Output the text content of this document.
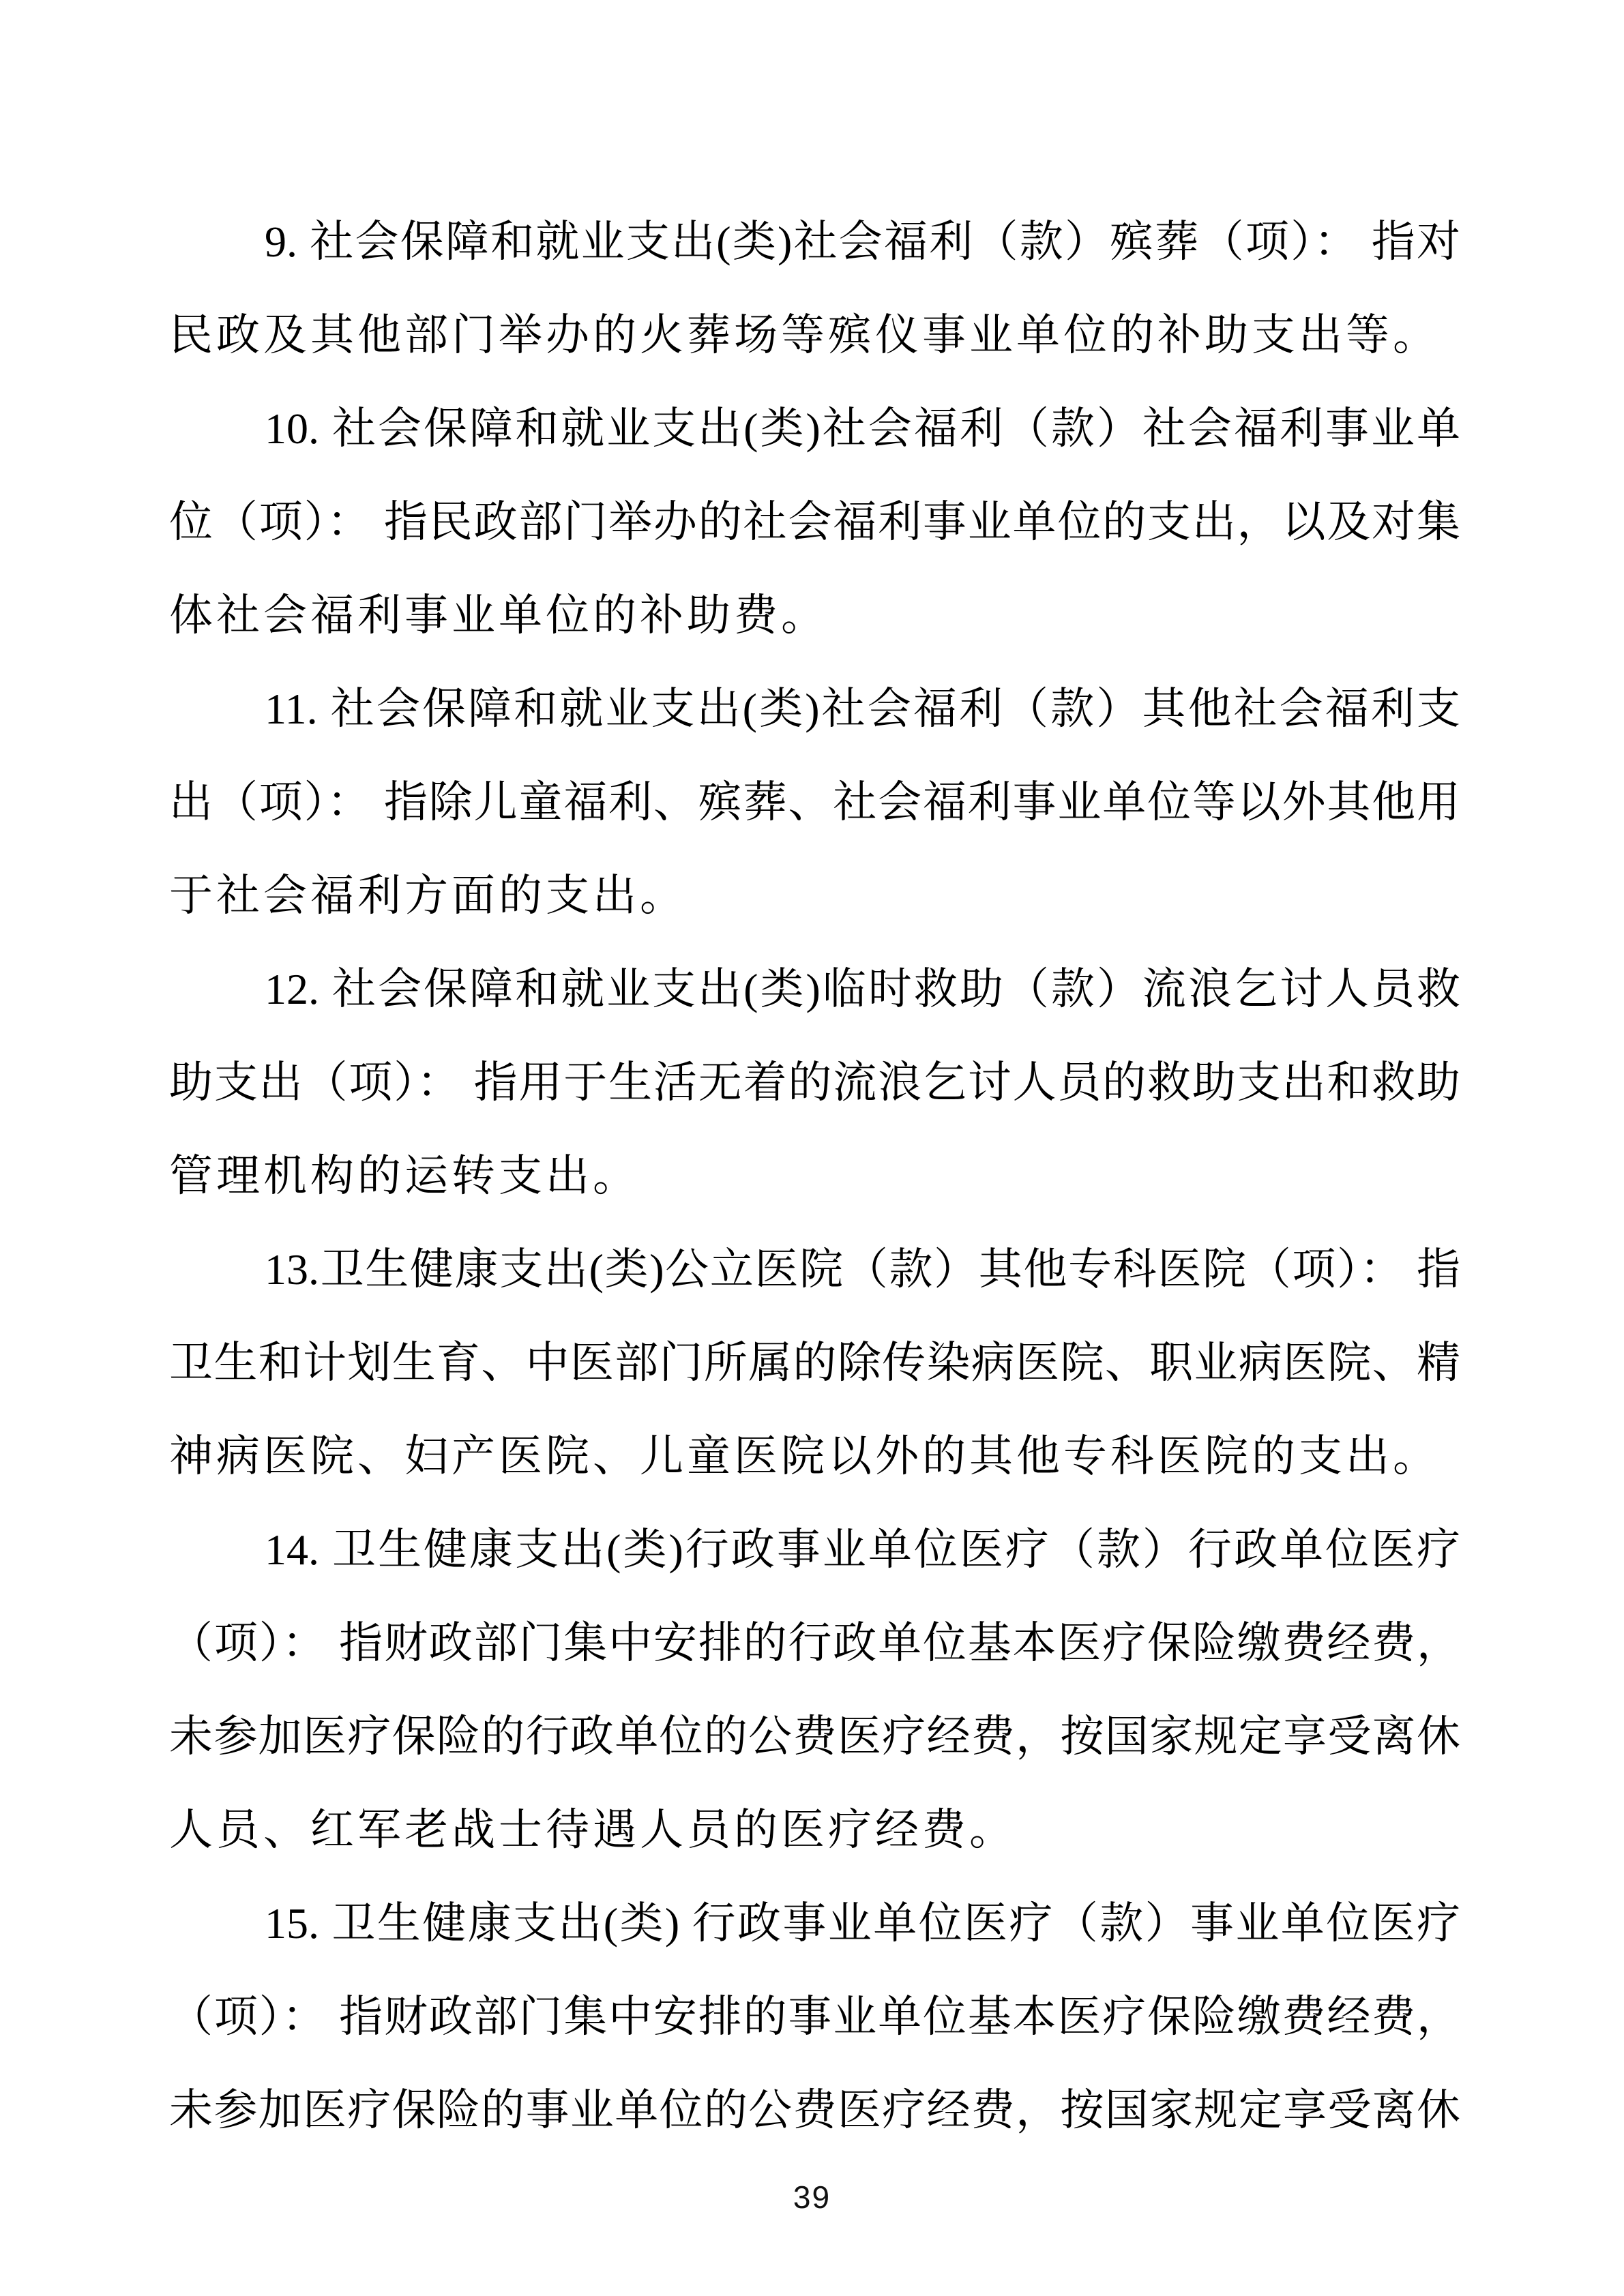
9. 社会保障和就业支出(类)社会福利（款）殡葬（项）： 指对
民政及其他部门举办的火葬场等殡仪事业单位的补助支出等。

10. 社会保障和就业支出(类)社会福利（款）社会福利事业单
位（项）： 指民政部门举办的社会福利事业单位的支出，以及对集
体社会福利事业单位的补助费。

11. 社会保障和就业支出(类)社会福利（款）其他社会福利支
出（项）： 指除儿童福利、殡葬、社会福利事业单位等以外其他用
于社会福利方面的支出。

12. 社会保障和就业支出(类)临时救助（款）流浪乞讨人员救
助支出（项）： 指用于生活无着的流浪乞讨人员的救助支出和救助
管理机构的运转支出。

13.卫生健康支出(类)公立医院（款）其他专科医院（项）： 指
卫生和计划生育、中医部门所属的除传染病医院、职业病医院、精
神病医院、妇产医院、儿童医院以外的其他专科医院的支出。

14. 卫生健康支出(类)行政事业单位医疗（款）行政单位医疗
（项）： 指财政部门集中安排的行政单位基本医疗保险缴费经费，
未参加医疗保险的行政单位的公费医疗经费，按国家规定享受离休
人员、红军老战士待遇人员的医疗经费。

15. 卫生健康支出(类) 行政事业单位医疗（款）事业单位医疗
（项）： 指财政部门集中安排的事业单位基本医疗保险缴费经费，
未参加医疗保险的事业单位的公费医疗经费，按国家规定享受离休

39
